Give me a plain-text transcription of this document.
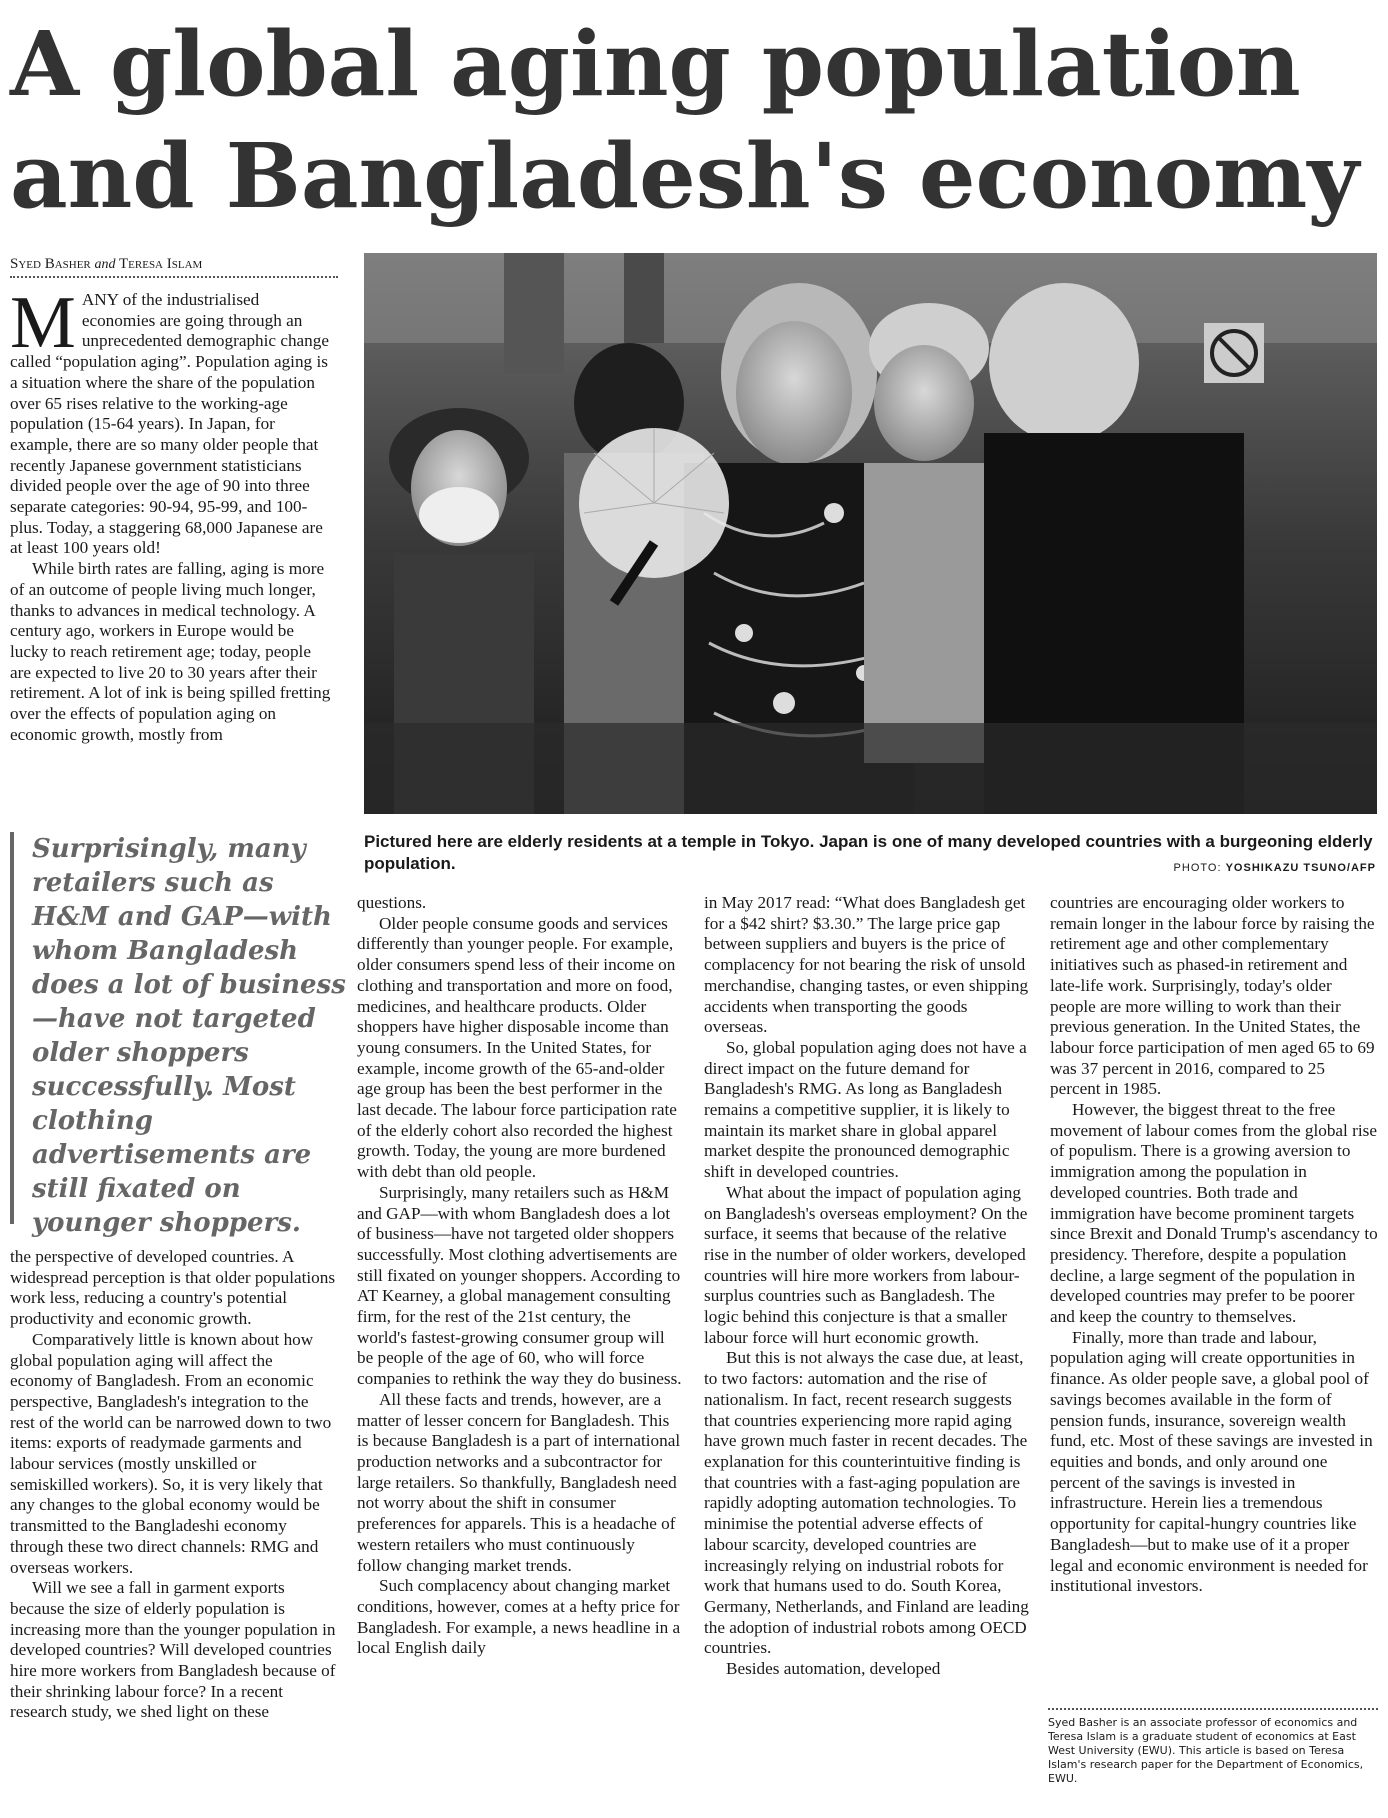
A global aging population and Bangladesh's economy
Syed Basher and Teresa Islam
Pictured here are elderly residents at a temple in Tokyo. Japan is one of many developed countries with a burgeoning elderly population.	PHOTO: YOSHIKAZU TSUNO/AFP

MANY of the industrialised economies are going through an unprecedented demographic change called “population aging”. Population aging is a situation where the share of the population over 65 rises relative to the working-age population (15-64 years). In Japan, for example, there are so many older people that recently Japanese government statisticians divided people over the age of 90 into three separate categories: 90-94, 95-99, and 100-plus. Today, a staggering 68,000 Japanese are at least 100 years old!

While birth rates are falling, aging is more of an outcome of people living much longer, thanks to advances in medical technology. A century ago, workers in Europe would be lucky to reach retirement age; today, people are expected to live 20 to 30 years after their retirement. A lot of ink is being spilled fretting over the effects of population aging on economic growth, mostly from

Surprisingly, many retailers such as H&M and GAP—with whom Bangladesh does a lot of business—have not targeted older shoppers successfully. Most clothing advertisements are still fixated on younger shoppers.

the perspective of developed countries. A widespread perception is that older populations work less, reducing a country's potential productivity and economic growth.

Comparatively little is known about how global population aging will affect the economy of Bangladesh. From an economic perspective, Bangladesh's integration to the rest of the world can be narrowed down to two items: exports of readymade garments and labour services (mostly unskilled or semiskilled workers). So, it is very likely that any changes to the global economy would be transmitted to the Bangladeshi economy through these two direct channels: RMG and overseas workers.

Will we see a fall in garment exports because the size of elderly population is increasing more than the younger population in developed countries? Will developed countries hire more workers from Bangladesh because of their shrinking labour force? In a recent research study, we shed light on these

questions.

Older people consume goods and services differently than younger people. For example, older consumers spend less of their income on clothing and transportation and more on food, medicines, and healthcare products. Older shoppers have higher disposable income than young consumers. In the United States, for example, income growth of the 65-and-older age group has been the best performer in the last decade. The labour force participation rate of the elderly cohort also recorded the highest growth. Today, the young are more burdened with debt than old people.

Surprisingly, many retailers such as H&M and GAP—with whom Bangladesh does a lot of business—have not targeted older shoppers successfully. Most clothing advertisements are still fixated on younger shoppers. According to AT Kearney, a global management consulting firm, for the rest of the 21st century, the world's fastest-growing consumer group will be people of the age of 60, who will force companies to rethink the way they do business.

All these facts and trends, however, are a matter of lesser concern for Bangladesh. This is because Bangladesh is a part of international production networks and a subcontractor for large retailers. So thankfully, Bangladesh need not worry about the shift in consumer preferences for apparels. This is a headache of western retailers who must continuously follow changing market trends.

Such complacency about changing market conditions, however, comes at a hefty price for Bangladesh. For example, a news headline in a local English daily

in May 2017 read: “What does Bangladesh get for a $42 shirt? $3.30.” The large price gap between suppliers and buyers is the price of complacency for not bearing the risk of unsold merchandise, changing tastes, or even shipping accidents when transporting the goods overseas.

So, global population aging does not have a direct impact on the future demand for Bangladesh's RMG. As long as Bangladesh remains a competitive supplier, it is likely to maintain its market share in global apparel market despite the pronounced demographic shift in developed countries.

What about the impact of population aging on Bangladesh's overseas employment? On the surface, it seems that because of the relative rise in the number of older workers, developed countries will hire more workers from labour-surplus countries such as Bangladesh. The logic behind this conjecture is that a smaller labour force will hurt economic growth.

But this is not always the case due, at least, to two factors: automation and the rise of nationalism. In fact, recent research suggests that countries experiencing more rapid aging have grown much faster in recent decades. The explanation for this counterintuitive finding is that countries with a fast-aging population are rapidly adopting automation technologies. To minimise the potential adverse effects of labour scarcity, developed countries are increasingly relying on industrial robots for work that humans used to do. South Korea, Germany, Netherlands, and Finland are leading the adoption of industrial robots among OECD countries.

Besides automation, developed

countries are encouraging older workers to remain longer in the labour force by raising the retirement age and other complementary initiatives such as phased-in retirement and late-life work. Surprisingly, today's older people are more willing to work than their previous generation. In the United States, the labour force participation of men aged 65 to 69 was 37 percent in 2016, compared to 25 percent in 1985.

However, the biggest threat to the free movement of labour comes from the global rise of populism. There is a growing aversion to immigration among the population in developed countries. Both trade and immigration have become prominent targets since Brexit and Donald Trump's ascendancy to presidency. Therefore, despite a population decline, a large segment of the population in developed countries may prefer to be poorer and keep the country to themselves.

Finally, more than trade and labour, population aging will create opportunities in finance. As older people save, a global pool of savings becomes available in the form of pension funds, insurance, sovereign wealth fund, etc. Most of these savings are invested in equities and bonds, and only around one percent of the savings is invested in infrastructure. Herein lies a tremendous opportunity for capital-hungry countries like Bangladesh—but to make use of it a proper legal and economic environment is needed for institutional investors.

Syed Basher is an associate professor of economics and Teresa Islam is a graduate student of economics at East West University (EWU). This article is based on Teresa Islam's research paper for the Department of Economics, EWU.
